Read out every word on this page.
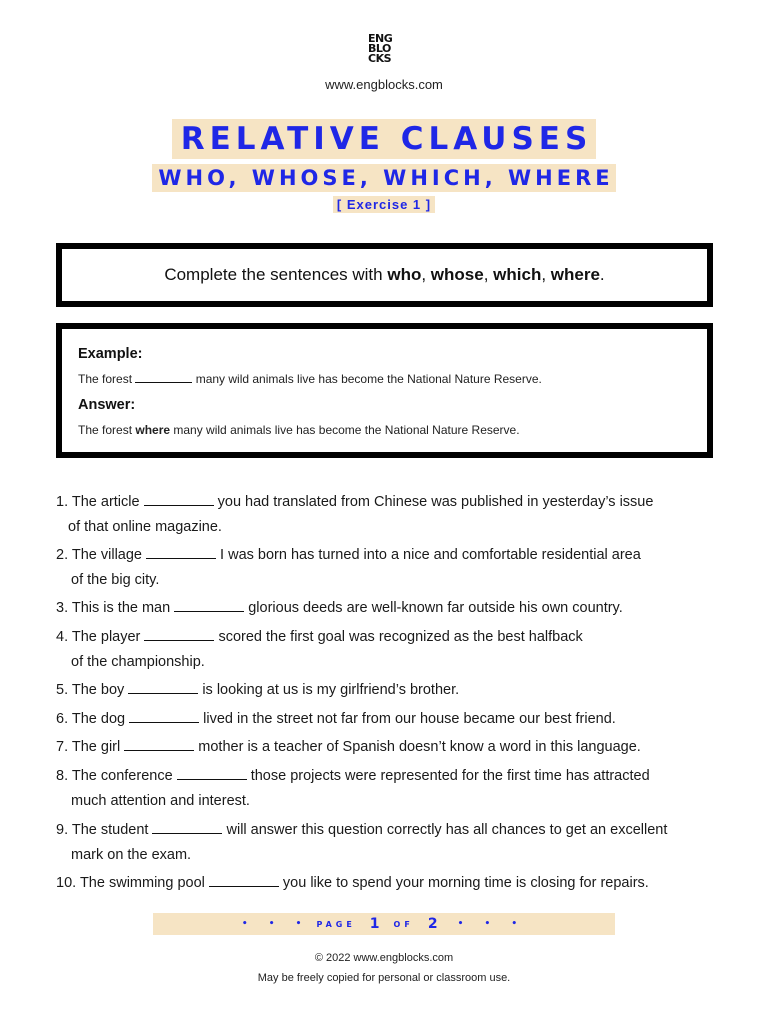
ENG
BLO
CKS
www.engblocks.com
RELATIVE CLAUSES
WHO, WHOSE, WHICH, WHERE
[ Exercise 1 ]
Complete the sentences with who, whose, which, where.
Example:
The forest	many wild animals live has become the National Nature Reserve.
Answer:
The forest where many wild animals live has become the National Nature Reserve.
1. The article	you had translated from Chinese was published in yesterday’s issue
of that online magazine.
2. The village	I was born has turned into a nice and comfortable residential area
of the big city.
3. This is the man	glorious deeds are well-known far outside his own country.
4. The player	scored the first goal was recognized as the best halfback
of the championship.
5. The boy	is looking at us is my girlfriend’s brother.
6. The dog	lived in the street not far from our house became our best friend.
7. The girl	mother is a teacher of Spanish doesn’t know a word in this language.
8. The conference	those projects were represented for the first time has attracted
much attention and interest.
9. The student	will answer this question correctly has all chances to get an excellent
mark on the exam.
10. The swimming pool	you like to spend your morning time is closing for repairs.
• • • PAGE 1 OF 2 • • •
© 2022 www.engblocks.com
May be freely copied for personal or classroom use.
